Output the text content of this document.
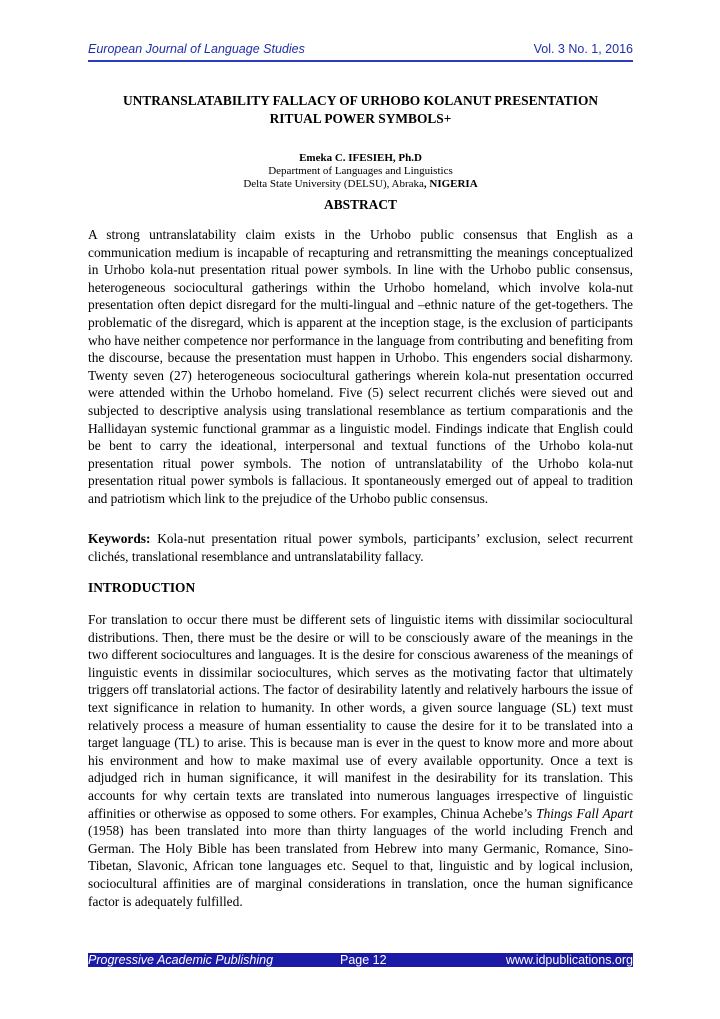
European Journal of Language Studies	Vol. 3 No. 1, 2016
UNTRANSLATABILITY FALLACY OF URHOBO KOLANUT PRESENTATION
RITUAL POWER SYMBOLS+
Emeka C. IFESIEH, Ph.D
Department of Languages and Linguistics
Delta State University (DELSU), Abraka, NIGERIA
ABSTRACT
A strong untranslatability claim exists in the Urhobo public consensus that English as a communication medium is incapable of recapturing and retransmitting the meanings conceptualized in Urhobo kola-nut presentation ritual power symbols. In line with the Urhobo public consensus, heterogeneous sociocultural gatherings within the Urhobo homeland, which involve kola-nut presentation often depict disregard for the multi-lingual and –ethnic nature of the get-togethers. The problematic of the disregard, which is apparent at the inception stage, is the exclusion of participants who have neither competence nor performance in the language from contributing and benefiting from the discourse, because the presentation must happen in Urhobo. This engenders social disharmony. Twenty seven (27) heterogeneous sociocultural gatherings wherein kola-nut presentation occurred were attended within the Urhobo homeland. Five (5) select recurrent clichés were sieved out and subjected to descriptive analysis using translational resemblance as tertium comparationis and the Hallidayan systemic functional grammar as a linguistic model. Findings indicate that English could be bent to carry the ideational, interpersonal and textual functions of the Urhobo kola-nut presentation ritual power symbols. The notion of untranslatability of the Urhobo kola-nut presentation ritual power symbols is fallacious. It spontaneously emerged out of appeal to tradition and patriotism which link to the prejudice of the Urhobo public consensus.
Keywords: Kola-nut presentation ritual power symbols, participants’ exclusion, select recurrent clichés, translational resemblance and untranslatability fallacy.
INTRODUCTION
For translation to occur there must be different sets of linguistic items with dissimilar sociocultural distributions. Then, there must be the desire or will to be consciously aware of the meanings in the two different sociocultures and languages. It is the desire for conscious awareness of the meanings of linguistic events in dissimilar sociocultures, which serves as the motivating factor that ultimately triggers off translatorial actions. The factor of desirability latently and relatively harbours the issue of text significance in relation to humanity. In other words, a given source language (SL) text must relatively process a measure of human essentiality to cause the desire for it to be translated into a target language (TL) to arise. This is because man is ever in the quest to know more and more about his environment and how to make maximal use of every available opportunity. Once a text is adjudged rich in human significance, it will manifest in the desirability for its translation. This accounts for why certain texts are translated into numerous languages irrespective of linguistic affinities or otherwise as opposed to some others. For examples, Chinua Achebe’s Things Fall Apart (1958) has been translated into more than thirty languages of the world including French and German. The Holy Bible has been translated from Hebrew into many Germanic, Romance, Sino-Tibetan, Slavonic, African tone languages etc. Sequel to that, linguistic and by logical inclusion, sociocultural affinities are of marginal considerations in translation, once the human significance factor is adequately fulfilled.
Progressive Academic Publishing	Page 12	www.idpublications.org
